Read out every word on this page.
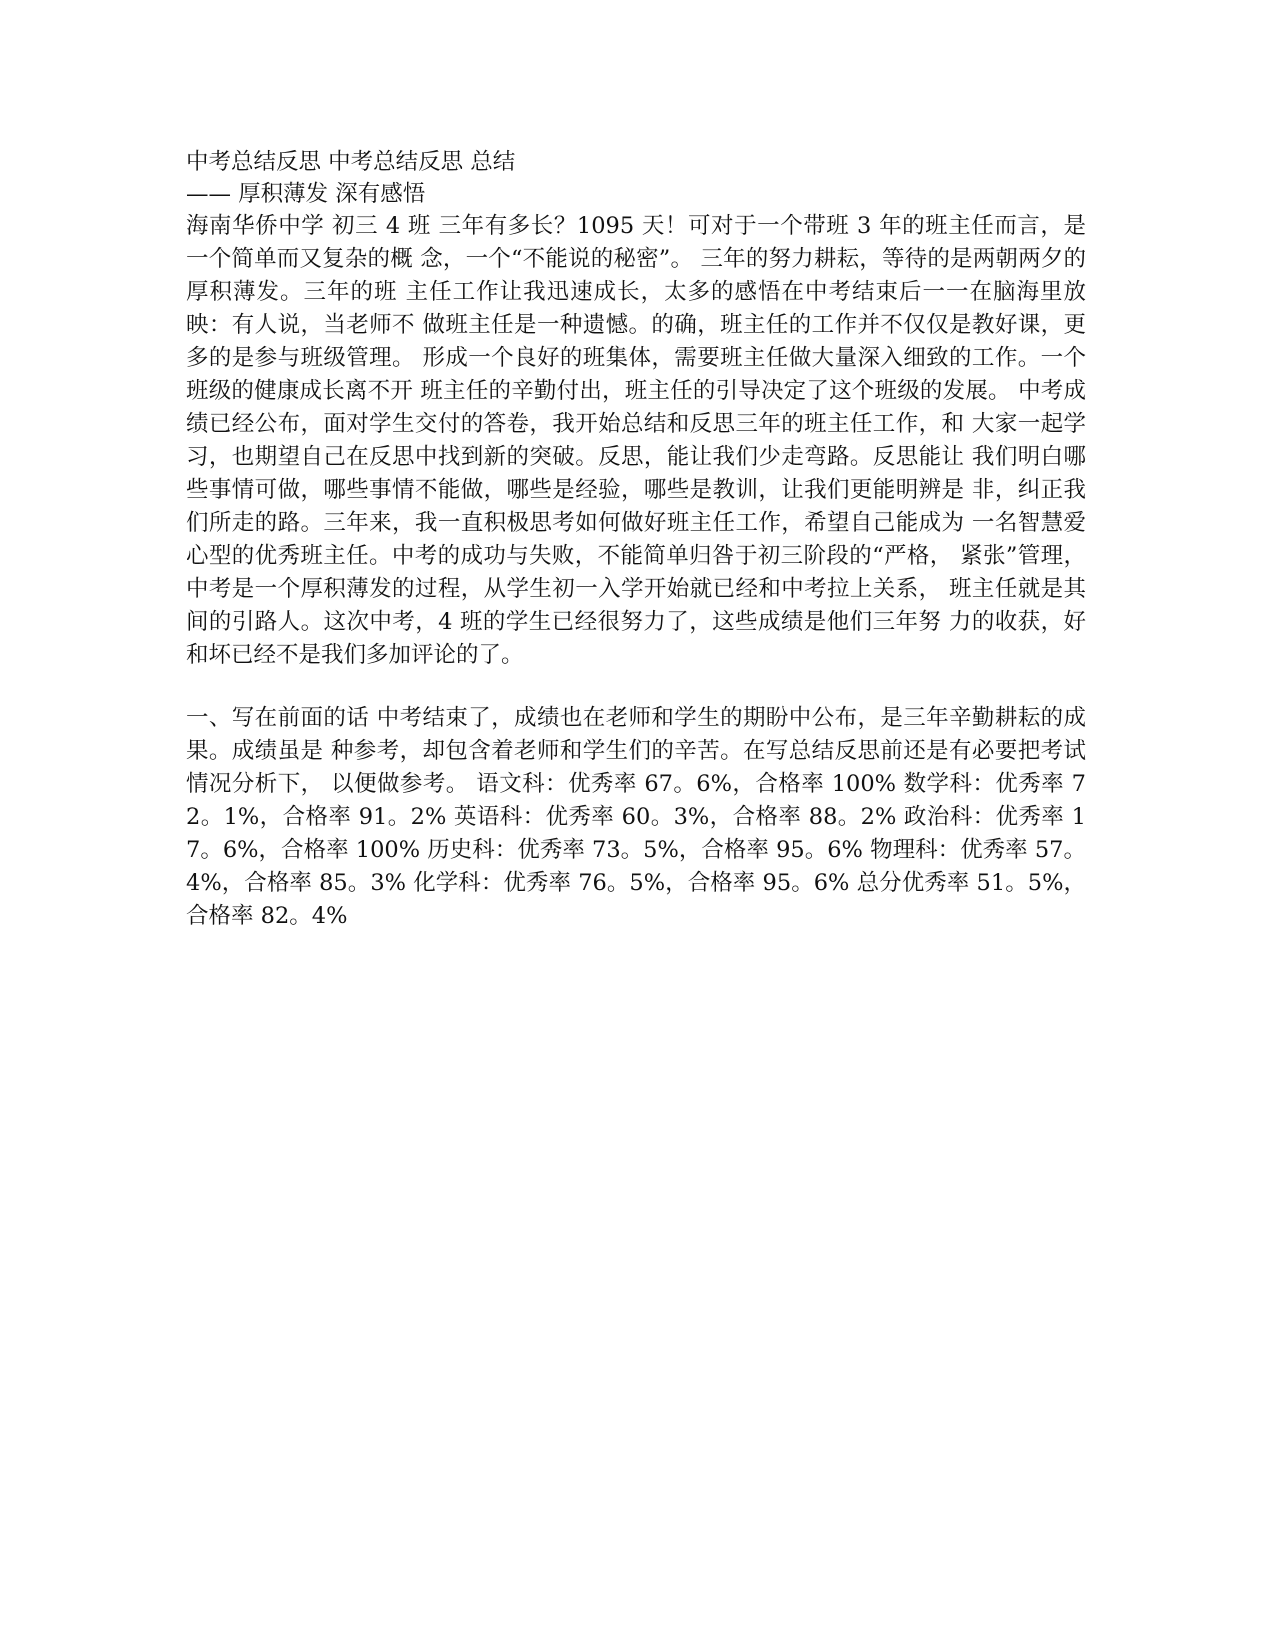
中考总结反思 中考总结反思 总结
—— 厚积薄发 深有感悟

海南华侨中学 初三 4 班 三年有多长？1095 天！可对于一个带班 3 年的班主任而言，是一个简单而又复杂的概 念，一个“不能说的秘密”。 三年的努力耕耘，等待的是两朝两夕的厚积薄发。三年的班 主任工作让我迅速成长，太多的感悟在中考结束后一一在脑海里放映：有人说，当老师不 做班主任是一种遗憾。的确，班主任的工作并不仅仅是教好课，更多的是参与班级管理。 形成一个良好的班集体，需要班主任做大量深入细致的工作。一个班级的健康成长离不开 班主任的辛勤付出，班主任的引导决定了这个班级的发展。 中考成绩已经公布，面对学生交付的答卷，我开始总结和反思三年的班主任工作，和 大家一起学习，也期望自己在反思中找到新的突破。反思，能让我们少走弯路。反思能让 我们明白哪些事情可做，哪些事情不能做，哪些是经验，哪些是教训，让我们更能明辨是 非，纠正我们所走的路。三年来，我一直积极思考如何做好班主任工作，希望自己能成为 一名智慧爱心型的优秀班主任。中考的成功与失败，不能简单归咎于初三阶段的“严格， 紧张”管理，中考是一个厚积薄发的过程，从学生初一入学开始就已经和中考拉上关系， 班主任就是其间的引路人。这次中考，4 班的学生已经很努力了，这些成绩是他们三年努 力的收获，好和坏已经不是我们多加评论的了。

一、写在前面的话 中考结束了，成绩也在老师和学生的期盼中公布，是三年辛勤耕耘的成果。成绩虽是 种参考，却包含着老师和学生们的辛苦。在写总结反思前还是有必要把考试情况分析下， 以便做参考。 语文科：优秀率 67。6%，合格率 100% 数学科：优秀率 72。1%，合格率 91。2% 英语科：优秀率 60。3%，合格率 88。2% 政治科：优秀率 17。6%，合格率 100% 历史科：优秀率 73。5%，合格率 95。6% 物理科：优秀率 57。4%，合格率 85。3% 化学科：优秀率 76。5%，合格率 95。6% 总分优秀率 51。5%，合格率 82。4%
